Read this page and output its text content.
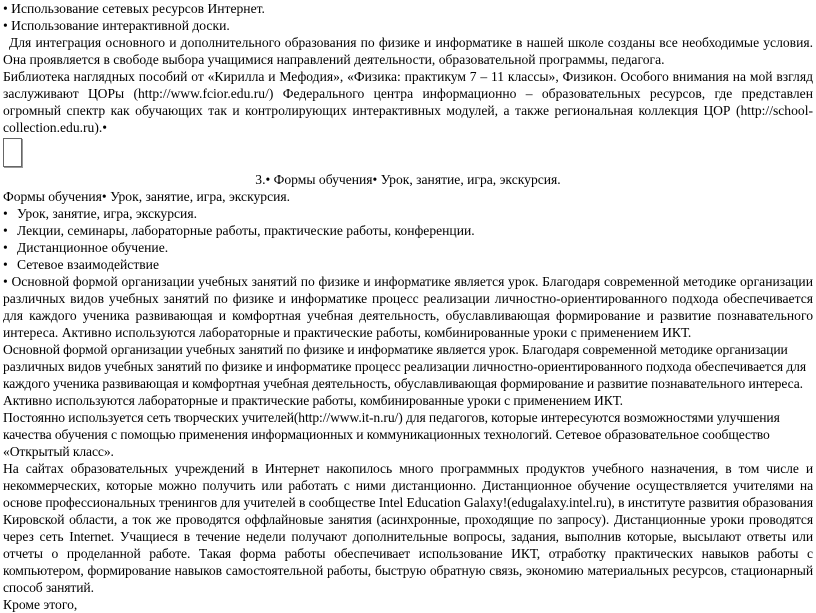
• Использование сетевых ресурсов Интернет.

• Использование интерактивной доски.

Для интеграция основного и дополнительного образования по физике и информатике в нашей школе созданы все необходимые условия. Она проявляется в свободе выбора учащимися направлений деятельности, образовательной программы, педагога.

Библиотека наглядных пособий от «Кирилла и Мефодия», «Физика: практикум 7 – 11 классы», Физикон. Особого внимания на мой взгляд заслуживают ЦОРы (http://www.fcior.edu.ru/) Федерального центра информационно – образовательных ресурсов, где представлен огромный спектр как обучающих так и контролирующих интерактивных модулей, а также региональная коллекция ЦОР (http://school-collection.edu.ru).•

3.• Формы обучения• Урок, занятие, игра, экскурсия.

Формы обучения• Урок, занятие, игра, экскурсия.

• Урок, занятие, игра, экскурсия.

• Лекции, семинары, лабораторные работы, практические работы, конференции.

• Дистанционное обучение.

• Сетевое взаимодействие

• Основной формой организации учебных занятий по физике и информатике является урок. Благодаря современной методике организации различных видов учебных занятий по физике и информатике процесс реализации личностно-ориентированного подхода обеспечивается для каждого ученика развивающая и комфортная учебная деятельность, обуславливающая формирование и развитие познавательного интереса. Активно используются лабораторные и практические работы, комбинированные уроки с применением ИКТ.

Основной формой организации учебных занятий по физике и информатике является урок. Благодаря современной методике организации различных видов учебных занятий по физике и информатике процесс реализации личностно-ориентированного подхода обеспечивается для каждого ученика развивающая и комфортная учебная деятельность, обуславливающая формирование и развитие познавательного интереса. Активно используются лабораторные и практические работы, комбинированные уроки с применением ИКТ.

Постоянно используется сеть творческих учителей(http://www.it-n.ru/) для педагогов, которые интересуются возможностями улучшения качества обучения с помощью применения информационных и коммуникационных технологий. Сетевое образовательное сообщество «Открытый класс».

На сайтах образовательных учреждений в Интернет накопилось много программных продуктов учебного назначения, в том числе и некоммерческих, которые можно получить или работать с ними дистанционно. Дистанционное обучение осуществляется учителями на основе профессиональных тренингов для учителей в сообществе Intel Education Galaxy!(edugalaxy.intel.ru), в институте развития образования Кировской области, а ток же проводятся оффлайновые занятия (асинхронные, проходящие по запросу). Дистанционные уроки проводятся через сеть Internet. Учащиеся в течение недели получают дополнительные вопросы, задания, выполнив которые, высылают ответы или отчеты о проделанной работе. Такая форма работы обеспечивает использование ИКТ, отработку практических навыков работы с компьютером, формирование навыков самостоятельной работы, быструю обратную связь, экономию материальных ресурсов, стационарный способ занятий.

Кроме этого,
